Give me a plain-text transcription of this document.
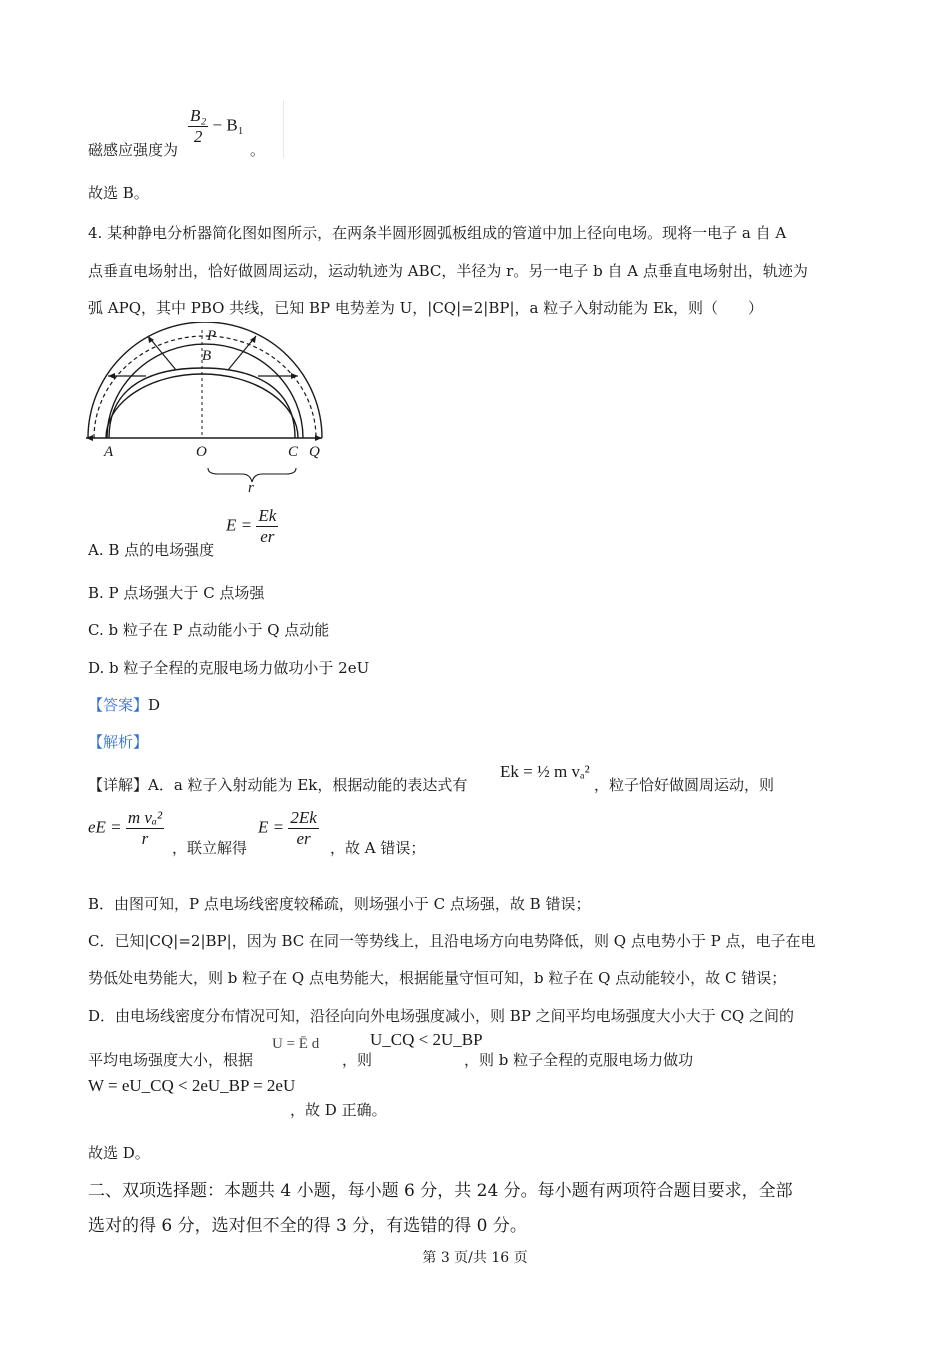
磁感应强度为
$\frac{\text{B₂}}{2} - B_1$
。
故选 B。
4. 某种静电分析器简化图如图所示，在两条半圆形圆弧板组成的管道中加上径向电场。现将一电子 a 自 A
点垂直电场射出，恰好做圆周运动，运动轨迹为 ABC，半径为 r。另一电子 b 自 A 点垂直电场射出，轨迹为
弧 APQ，其中 PBO 共线，已知 BP 电势差为 U，|CQ|=2|BP|，a 粒子入射动能为 Ek，则（　　）
A	O	C Q
P
B
r
A. B 点的电场强度
$E = \frac{Ek}{er}$
B. P 点场强大于 C 点场强
C. b 粒子在 P 点动能小于 Q 点动能
D. b 粒子全程的克服电场力做功小于 2eU
【答案】D
【解析】
【详解】A．a 粒子入射动能为 Ek，根据动能的表达式有
Ek = ½ m vₐ²
，粒子恰好做圆周运动，则
eE = $\frac{\text{m vₐ²}}{r}$ ，联立解得
$E = \frac{2Ek}{er}$ ，故 A 错误；
B．由图可知，P 点电场线密度较稀疏，则场强小于 C 点场强，故 B 错误；
C．已知|CQ|=2|BP|，因为 BC 在同一等势线上，且沿电场方向电势降低，则 Q 点电势小于 P 点，电子在电
势低处电势能大，则 b 粒子在 Q 点电势能大，根据能量守恒可知，b 粒子在 Q 点动能较小，故 C 错误；
D．由电场线密度分布情况可知，沿径向向外电场强度减小，则 BP 之间平均电场强度大小大于 CQ 之间的
平均电场强度大小，根据
U = Ē d
，则
U_CQ < 2U_BP
，则 b 粒子全程的克服电场力做功
W = eU_CQ < 2eU_BP = 2eU
，故 D 正确。
故选 D。
二、双项选择题：本题共 4 小题，每小题 6 分，共 24 分。每小题有两项符合题目要求，全部
选对的得 6 分，选对但不全的得 3 分，有选错的得 0 分。
第 3 页/共 16 页
